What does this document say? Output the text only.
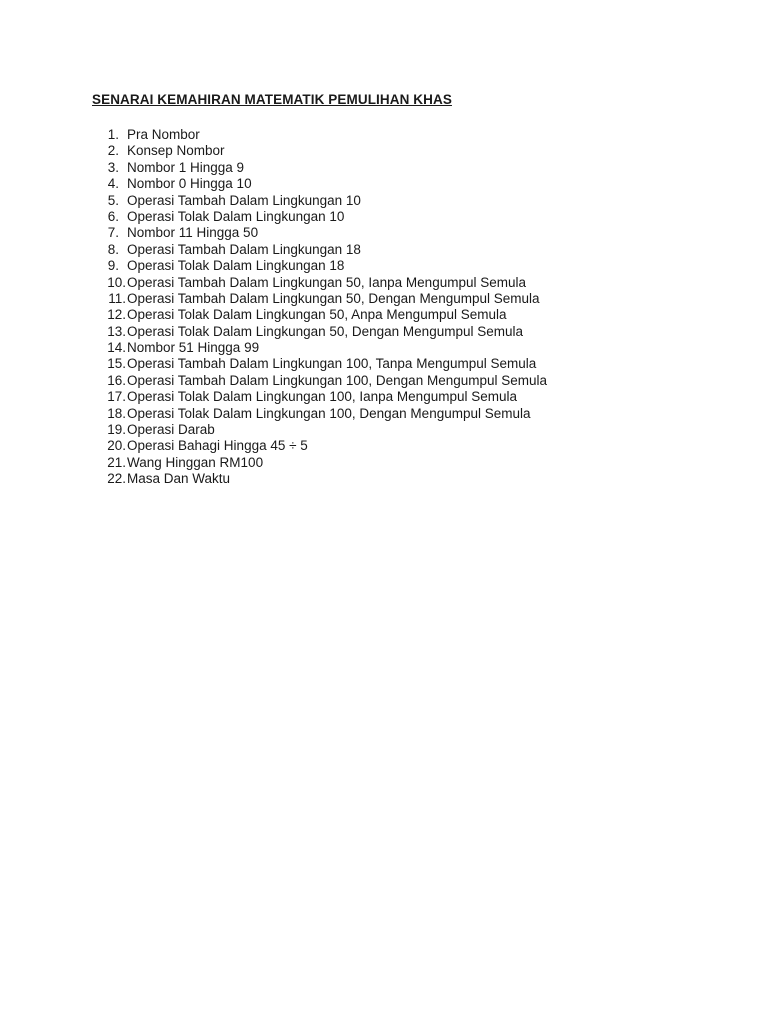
SENARAI KEMAHIRAN MATEMATIK PEMULIHAN KHAS
1. Pra Nombor
2. Konsep Nombor
3. Nombor 1 Hingga 9
4. Nombor 0 Hingga 10
5. Operasi Tambah Dalam Lingkungan 10
6. Operasi Tolak Dalam Lingkungan 10
7. Nombor 11 Hingga 50
8. Operasi Tambah Dalam Lingkungan 18
9. Operasi Tolak Dalam Lingkungan 18
10. Operasi Tambah Dalam Lingkungan 50, Ianpa Mengumpul Semula
11. Operasi Tambah Dalam Lingkungan 50, Dengan Mengumpul Semula
12. Operasi Tolak Dalam Lingkungan 50, Anpa Mengumpul Semula
13. Operasi Tolak Dalam Lingkungan 50, Dengan Mengumpul Semula
14. Nombor 51 Hingga 99
15. Operasi Tambah Dalam Lingkungan 100, Tanpa Mengumpul Semula
16. Operasi Tambah Dalam Lingkungan 100, Dengan Mengumpul Semula
17. Operasi Tolak Dalam Lingkungan 100, Ianpa Mengumpul Semula
18. Operasi Tolak Dalam Lingkungan 100, Dengan Mengumpul Semula
19. Operasi Darab
20. Operasi Bahagi Hingga 45 ÷ 5
21. Wang Hinggan RM100
22. Masa Dan Waktu
